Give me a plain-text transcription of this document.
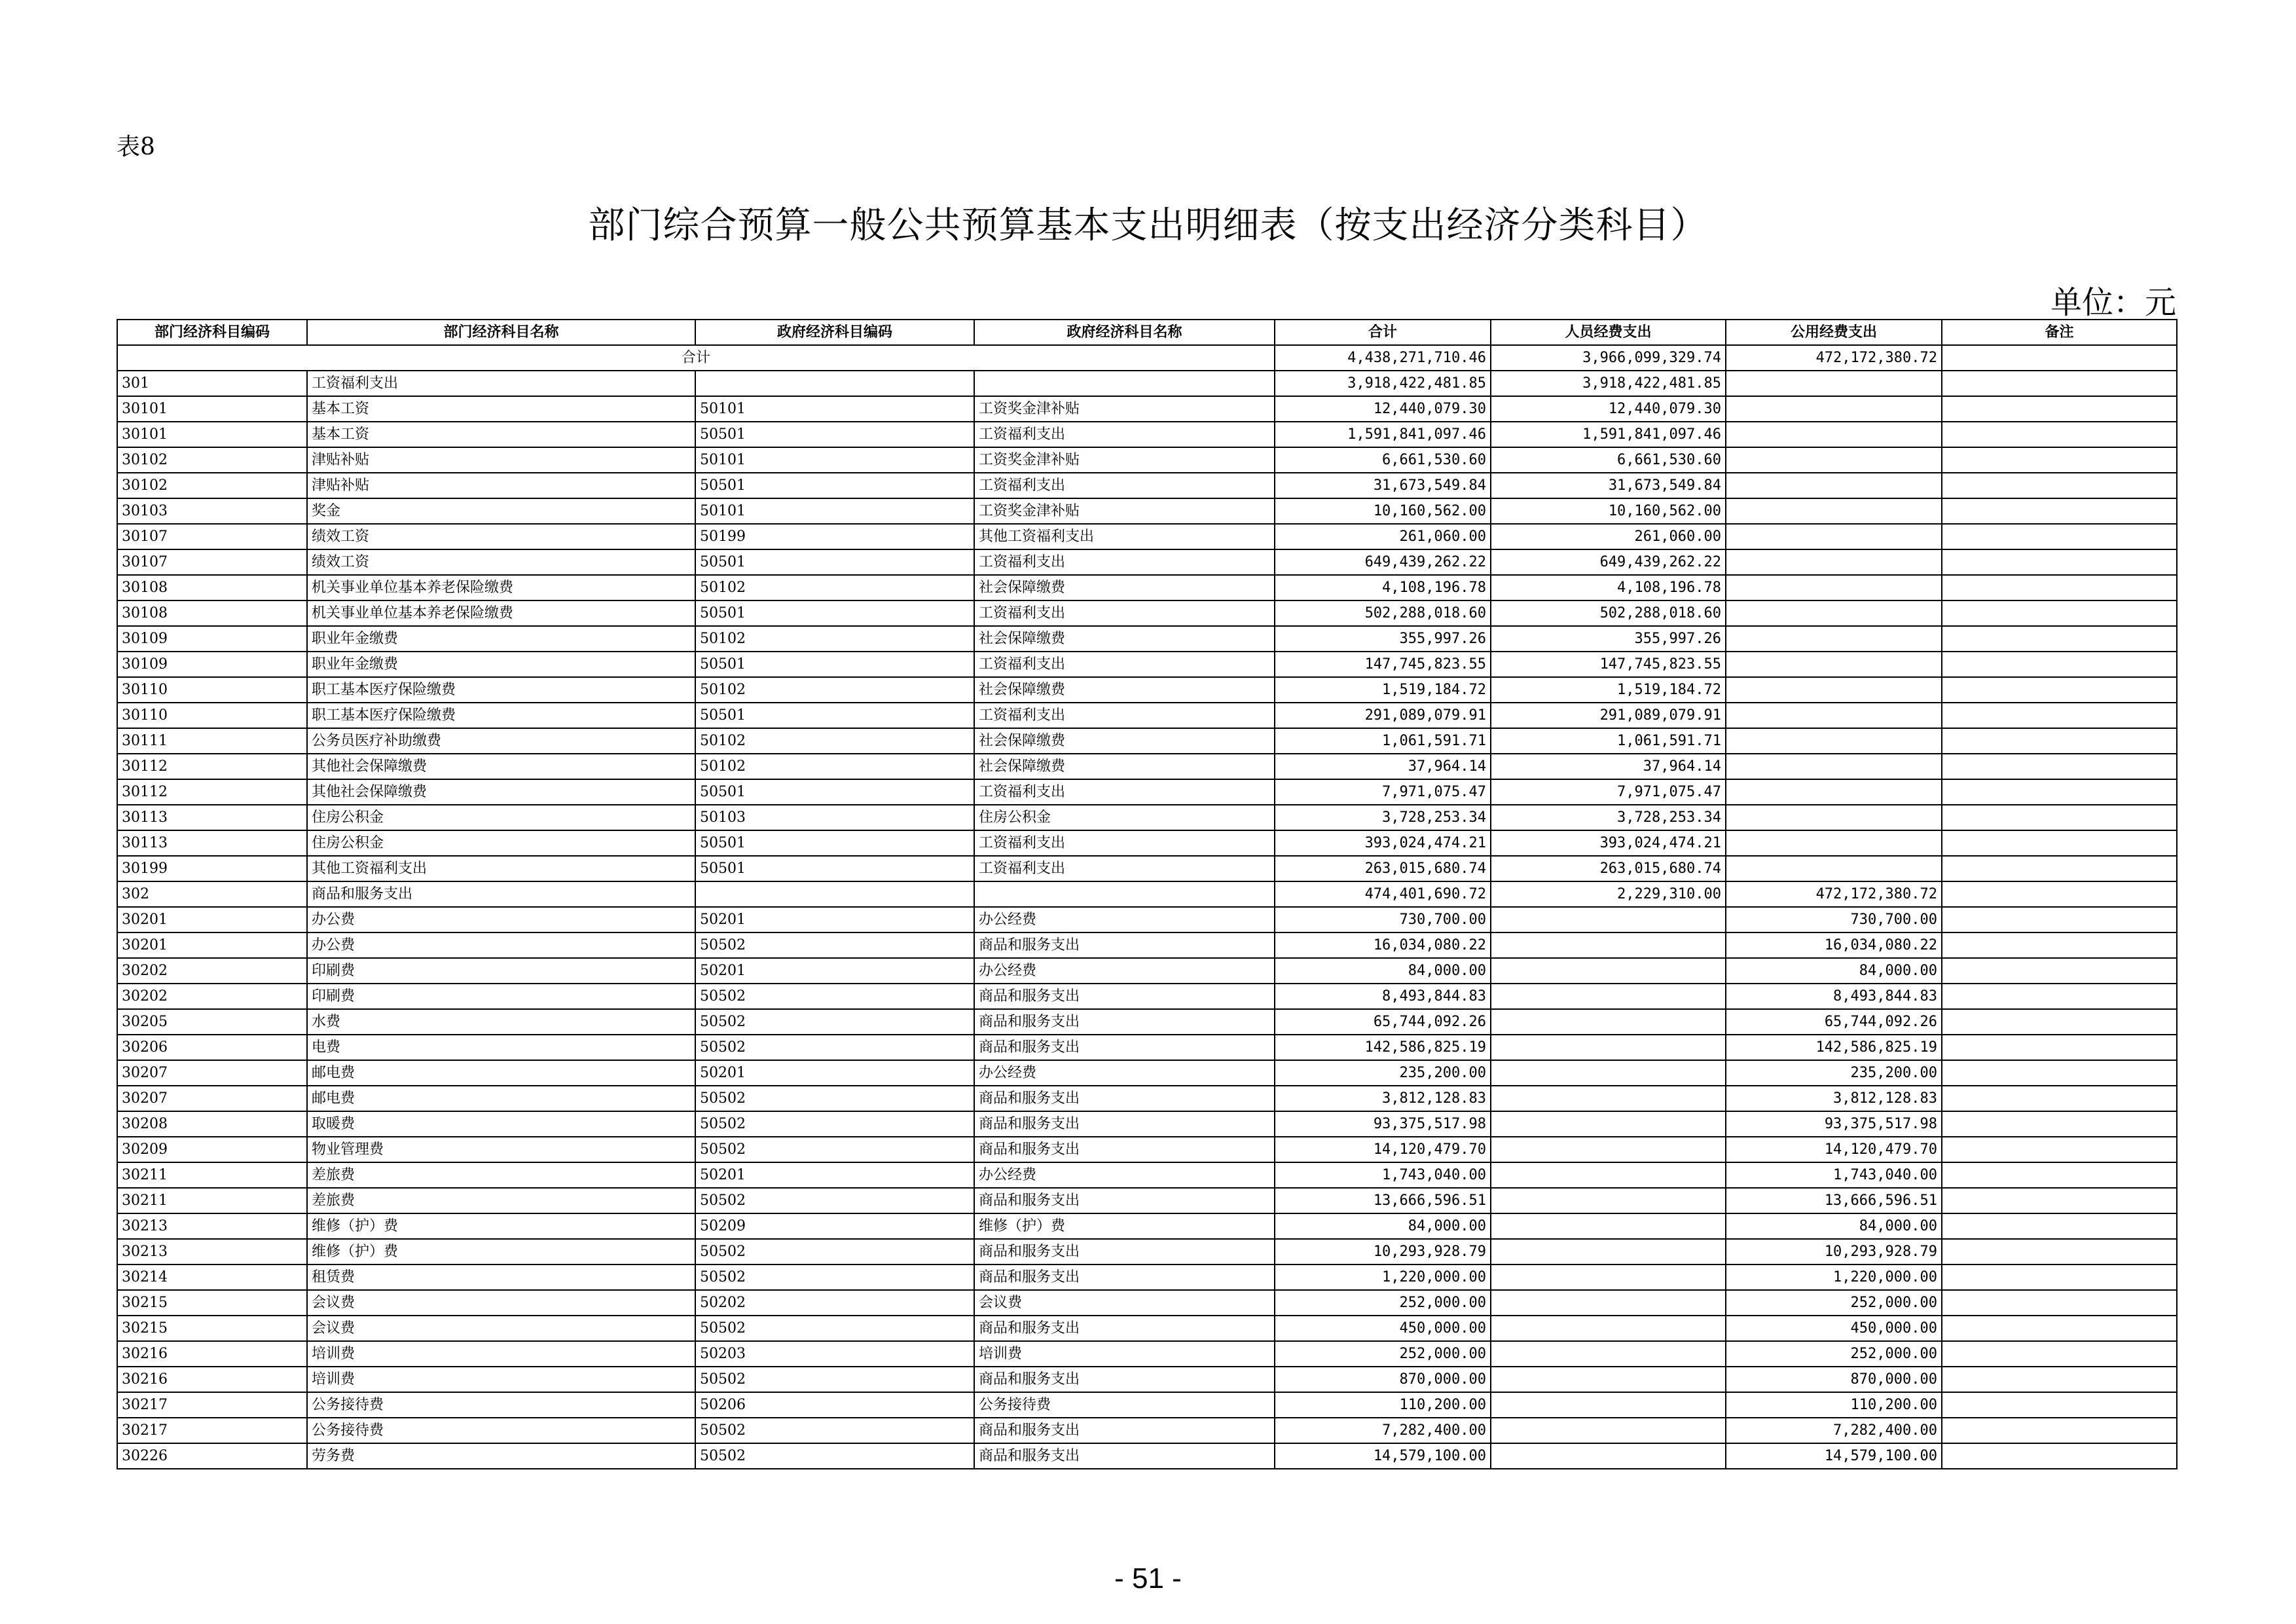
表8
部门综合预算一般公共预算基本支出明细表（按支出经济分类科目）
单位：元
部门经济科目编码	部门经济科目名称	政府经济科目编码	政府经济科目名称	合计	人员经费支出	公用经费支出	备注
合计				4,438,271,710.46	3,966,099,329.74	472,172,380.72	
301	工资福利支出			3,918,422,481.85	3,918,422,481.85		
30101	基本工资	50101	工资奖金津补贴	12,440,079.30	12,440,079.30		
30101	基本工资	50501	工资福利支出	1,591,841,097.46	1,591,841,097.46		
30102	津贴补贴	50101	工资奖金津补贴	6,661,530.60	6,661,530.60		
30102	津贴补贴	50501	工资福利支出	31,673,549.84	31,673,549.84		
30103	奖金	50101	工资奖金津补贴	10,160,562.00	10,160,562.00		
30107	绩效工资	50199	其他工资福利支出	261,060.00	261,060.00		
30107	绩效工资	50501	工资福利支出	649,439,262.22	649,439,262.22		
30108	机关事业单位基本养老保险缴费	50102	社会保障缴费	4,108,196.78	4,108,196.78		
30108	机关事业单位基本养老保险缴费	50501	工资福利支出	502,288,018.60	502,288,018.60		
30109	职业年金缴费	50102	社会保障缴费	355,997.26	355,997.26		
30109	职业年金缴费	50501	工资福利支出	147,745,823.55	147,745,823.55		
30110	职工基本医疗保险缴费	50102	社会保障缴费	1,519,184.72	1,519,184.72		
30110	职工基本医疗保险缴费	50501	工资福利支出	291,089,079.91	291,089,079.91		
30111	公务员医疗补助缴费	50102	社会保障缴费	1,061,591.71	1,061,591.71		
30112	其他社会保障缴费	50102	社会保障缴费	37,964.14	37,964.14		
30112	其他社会保障缴费	50501	工资福利支出	7,971,075.47	7,971,075.47		
30113	住房公积金	50103	住房公积金	3,728,253.34	3,728,253.34		
30113	住房公积金	50501	工资福利支出	393,024,474.21	393,024,474.21		
30199	其他工资福利支出	50501	工资福利支出	263,015,680.74	263,015,680.74		
302	商品和服务支出			474,401,690.72	2,229,310.00	472,172,380.72	
30201	办公费	50201	办公经费	730,700.00		730,700.00	
30201	办公费	50502	商品和服务支出	16,034,080.22		16,034,080.22	
30202	印刷费	50201	办公经费	84,000.00		84,000.00	
30202	印刷费	50502	商品和服务支出	8,493,844.83		8,493,844.83	
30205	水费	50502	商品和服务支出	65,744,092.26		65,744,092.26	
30206	电费	50502	商品和服务支出	142,586,825.19		142,586,825.19	
30207	邮电费	50201	办公经费	235,200.00		235,200.00	
30207	邮电费	50502	商品和服务支出	3,812,128.83		3,812,128.83	
30208	取暖费	50502	商品和服务支出	93,375,517.98		93,375,517.98	
30209	物业管理费	50502	商品和服务支出	14,120,479.70		14,120,479.70	
30211	差旅费	50201	办公经费	1,743,040.00		1,743,040.00	
30211	差旅费	50502	商品和服务支出	13,666,596.51		13,666,596.51	
30213	维修（护）费	50209	维修（护）费	84,000.00		84,000.00	
30213	维修（护）费	50502	商品和服务支出	10,293,928.79		10,293,928.79	
30214	租赁费	50502	商品和服务支出	1,220,000.00		1,220,000.00	
30215	会议费	50202	会议费	252,000.00		252,000.00	
30215	会议费	50502	商品和服务支出	450,000.00		450,000.00	
30216	培训费	50203	培训费	252,000.00		252,000.00	
30216	培训费	50502	商品和服务支出	870,000.00		870,000.00	
30217	公务接待费	50206	公务接待费	110,200.00		110,200.00	
30217	公务接待费	50502	商品和服务支出	7,282,400.00		7,282,400.00	
30226	劳务费	50502	商品和服务支出	14,579,100.00		14,579,100.00	
- 51 -
